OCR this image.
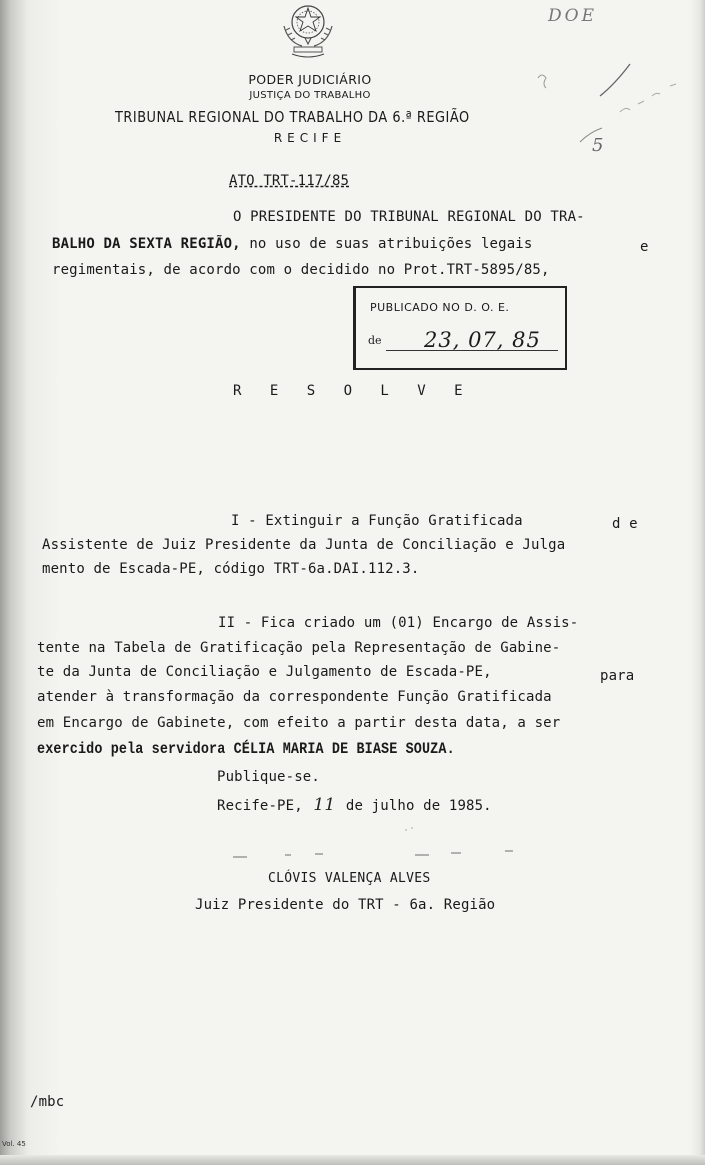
PODER JUDICIÁRIO
JUSTIÇA DO TRABALHO
TRIBUNAL REGIONAL DO TRABALHO DA 6.ª REGIÃO
RECIFE
DOE
5
ATO TRT-117/85
O PRESIDENTE DO TRIBUNAL REGIONAL DO TRA-
BALHO DA SEXTA REGIÃO, no uso de suas atribuições legais	e
regimentais, de acordo com o decidido no Prot.TRT-5895/85,
PUBLICADO NO D. O. E.
de 23, 07, 85
R E S O L V E
I - Extinguir a Função Gratificada	d e
Assistente de Juiz Presidente da Junta de Conciliação e Julga
mento de Escada-PE, código TRT-6a.DAI.112.3.
II - Fica criado um (01) Encargo de Assis-
tente na Tabela de Gratificação pela Representação de Gabine-
te da Junta de Conciliação e Julgamento de Escada-PE,	para
atender à transformação da correspondente Função Gratificada
em Encargo de Gabinete, com efeito a partir desta data, a ser
exercido pela servidora CÉLIA MARIA DE BIASE SOUZA.
Publique-se.
Recife-PE, 11 de julho de 1985.
CLÓVIS VALENÇA ALVES
Juiz Presidente do TRT - 6a. Região
/mbc
Vol. 45
